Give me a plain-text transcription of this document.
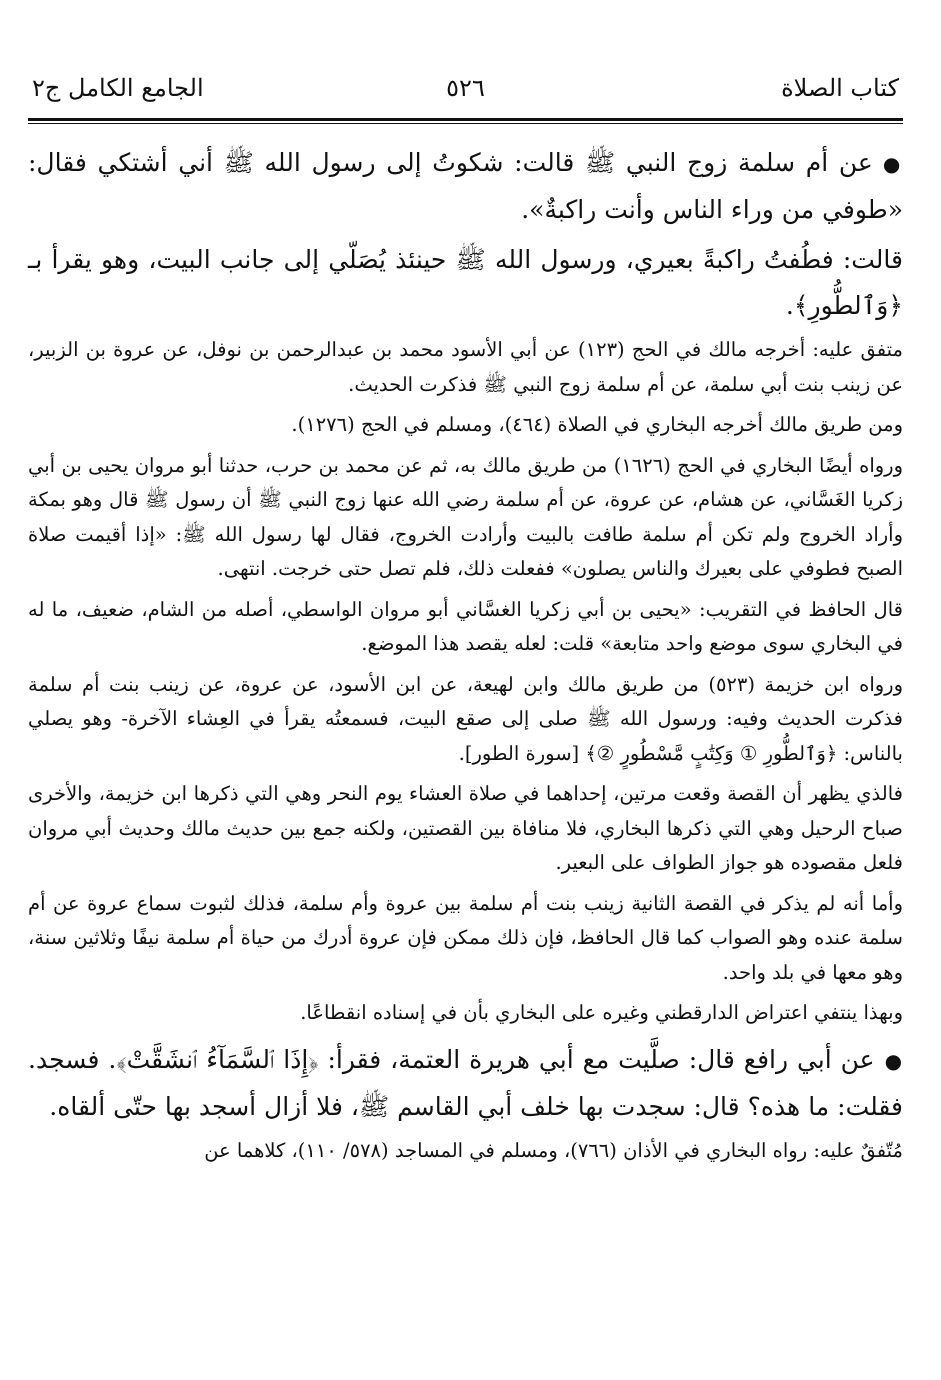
كتاب الصلاة
٥٢٦
الجامع الكامل ج٢

●عن أم سلمة زوج النبي ﷺ قالت: شكوتُ إلى رسول الله ﷺ أني أشتكي فقال: «طوفي من وراء الناس وأنت راكبةٌ».

قالت: فطُفتُ راكبةً بعيري، ورسول الله ﷺ حينئذ يُصَلّي إلى جانب البيت، وهو يقرأ بـ ﴿وَٱلطُّورِ﴾.

متفق عليه: أخرجه مالك في الحج (١٢٣) عن أبي الأسود محمد بن عبدالرحمن بن نوفل، عن عروة بن الزبير، عن زينب بنت أبي سلمة، عن أم سلمة زوج النبي ﷺ فذكرت الحديث.

ومن طريق مالك أخرجه البخاري في الصلاة (٤٦٤)، ومسلم في الحج (١٢٧٦).

ورواه أيضًا البخاري في الحج (١٦٢٦) من طريق مالك به، ثم عن محمد بن حرب، حدثنا أبو مروان يحيى بن أبي زكريا الغَسَّاني، عن هشام، عن عروة، عن أم سلمة رضي الله عنها زوج النبي ﷺ أن رسول ﷺ قال وهو بمكة وأراد الخروج ولم تكن أم سلمة طافت بالبيت وأرادت الخروج، فقال لها رسول الله ﷺ: «إذا أقيمت صلاة الصبح فطوفي على بعيرك والناس يصلون» ففعلت ذلك، فلم تصل حتى خرجت. انتهى.

قال الحافظ في التقريب: «يحيى بن أبي زكريا الغسَّاني أبو مروان الواسطي، أصله من الشام، ضعيف، ما له في البخاري سوى موضع واحد متابعة» قلت: لعله يقصد هذا الموضع.

ورواه ابن خزيمة (٥٢٣) من طريق مالك وابن لهيعة، عن ابن الأسود، عن عروة، عن زينب بنت أم سلمة فذكرت الحديث وفيه: ورسول الله ﷺ صلى إلى صقع البيت، فسمعتُه يقرأ في العِشاء الآخرة- وهو يصلي بالناس: ﴿وَٱلطُّورِ ① وَكِتَٰبٍ مَّسْطُورٍ ②﴾ [سورة الطور].

فالذي يظهر أن القصة وقعت مرتين، إحداهما في صلاة العشاء يوم النحر وهي التي ذكرها ابن خزيمة، والأخرى صباح الرحيل وهي التي ذكرها البخاري، فلا منافاة بين القصتين، ولكنه جمع بين حديث مالك وحديث أبي مروان فلعل مقصوده هو جواز الطواف على البعير.

وأما أنه لم يذكر في القصة الثانية زينب بنت أم سلمة بين عروة وأم سلمة، فذلك لثبوت سماع عروة عن أم سلمة عنده وهو الصواب كما قال الحافظ، فإن ذلك ممكن فإن عروة أدرك من حياة أم سلمة نيفًا وثلاثين سنة، وهو معها في بلد واحد.

وبهذا ينتفي اعتراض الدارقطني وغيره على البخاري بأن في إسناده انقطاعًا.

●عن أبي رافع قال: صلَّيت مع أبي هريرة العتمة، فقرأ: ﴿إِذَا ٱلسَّمَآءُ ٱنشَقَّتْ﴾. فسجد. فقلت: ما هذه؟ قال: سجدت بها خلف أبي القاسم ﷺ، فلا أزال أسجد بها حتّى ألقاه.

مُتّفقٌ عليه: رواه البخاري في الأذان (٧٦٦)، ومسلم في المساجد (٥٧٨/ ١١٠)، كلاهما عن
